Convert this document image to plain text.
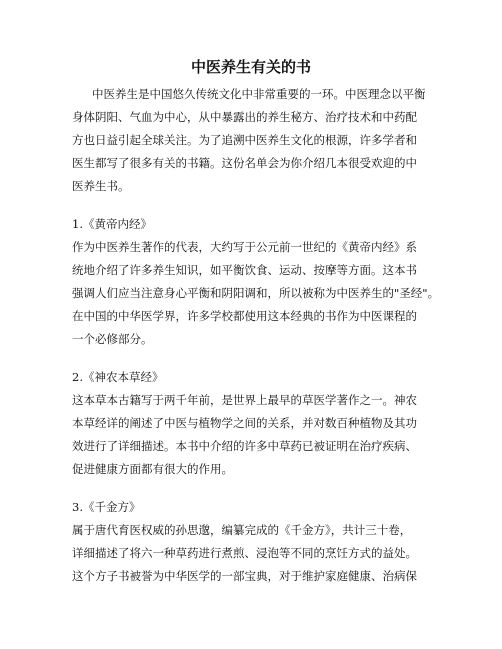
中医养生有关的书

中医养生是中国悠久传统文化中非常重要的一环。中医理念以平衡

身体阴阳、气血为中心，从中暴露出的养生秘方、治疗技术和中药配

方也日益引起全球关注。为了追溯中医养生文化的根源，许多学者和

医生都写了很多有关的书籍。这份名单会为你介绍几本很受欢迎的中

医养生书。

1.《黄帝内经》

作为中医养生著作的代表，大约写于公元前一世纪的《黄帝内经》系

统地介绍了许多养生知识，如平衡饮食、运动、按摩等方面。这本书

强调人们应当注意身心平衡和阴阳调和，所以被称为中医养生的"圣经"。

在中国的中华医学界，许多学校都使用这本经典的书作为中医课程的

一个必修部分。

2.《神农本草经》

这本草本古籍写于两千年前，是世界上最早的草医学著作之一。神农

本草经详的阐述了中医与植物学之间的关系，并对数百种植物及其功

效进行了详细描述。本书中介绍的许多中草药已被证明在治疗疾病、

促进健康方面都有很大的作用。

3.《千金方》

属于唐代育医权威的孙思邈，编纂完成的《千金方》，共计三十卷，

详细描述了将六一种草药进行煮煎、浸泡等不同的烹饪方式的益处。

这个方子书被誉为中华医学的一部宝典，对于维护家庭健康、治病保
